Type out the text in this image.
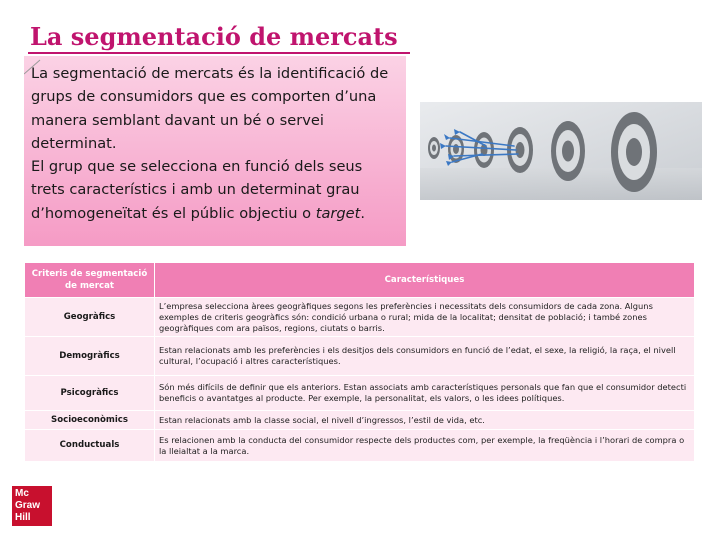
La segmentació de mercats

La segmentació de mercats és la identificació de grups de consumidors que es comporten d’una manera semblant davant un bé o servei determinat.

El grup que se selecciona en funció dels seus trets característics i amb un determinat grau d’homogeneïtat és el públic objectiu o target.

Criteris de segmentació de mercat	Característiques
Geogràfics	L’empresa selecciona àrees geogràfiques segons les preferències i necessitats dels consumidors de cada zona. Alguns exemples de criteris geogràfics són: condició urbana o rural; mida de la localitat; densitat de població; i també zones geogràfiques com ara països, regions, ciutats o barris.
Demogràfics	Estan relacionats amb les preferències i els desitjos dels consumidors en funció de l’edat, el sexe, la religió, la raça, el nivell cultural, l’ocupació i altres característiques.
Psicogràfics	Són més difícils de definir que els anteriors. Estan associats amb característiques personals que fan que el consumidor detecti beneficis o avantatges al producte. Per exemple, la personalitat, els valors, o les idees polítiques.
Socioeconòmics	Estan relacionats amb la classe social, el nivell d’ingressos, l’estil de vida, etc.
Conductuals	Es relacionen amb la conducta del consumidor respecte dels productes com, per exemple, la freqüència i l’horari de compra o la lleialtat a la marca.
Mc
Graw
Hill
